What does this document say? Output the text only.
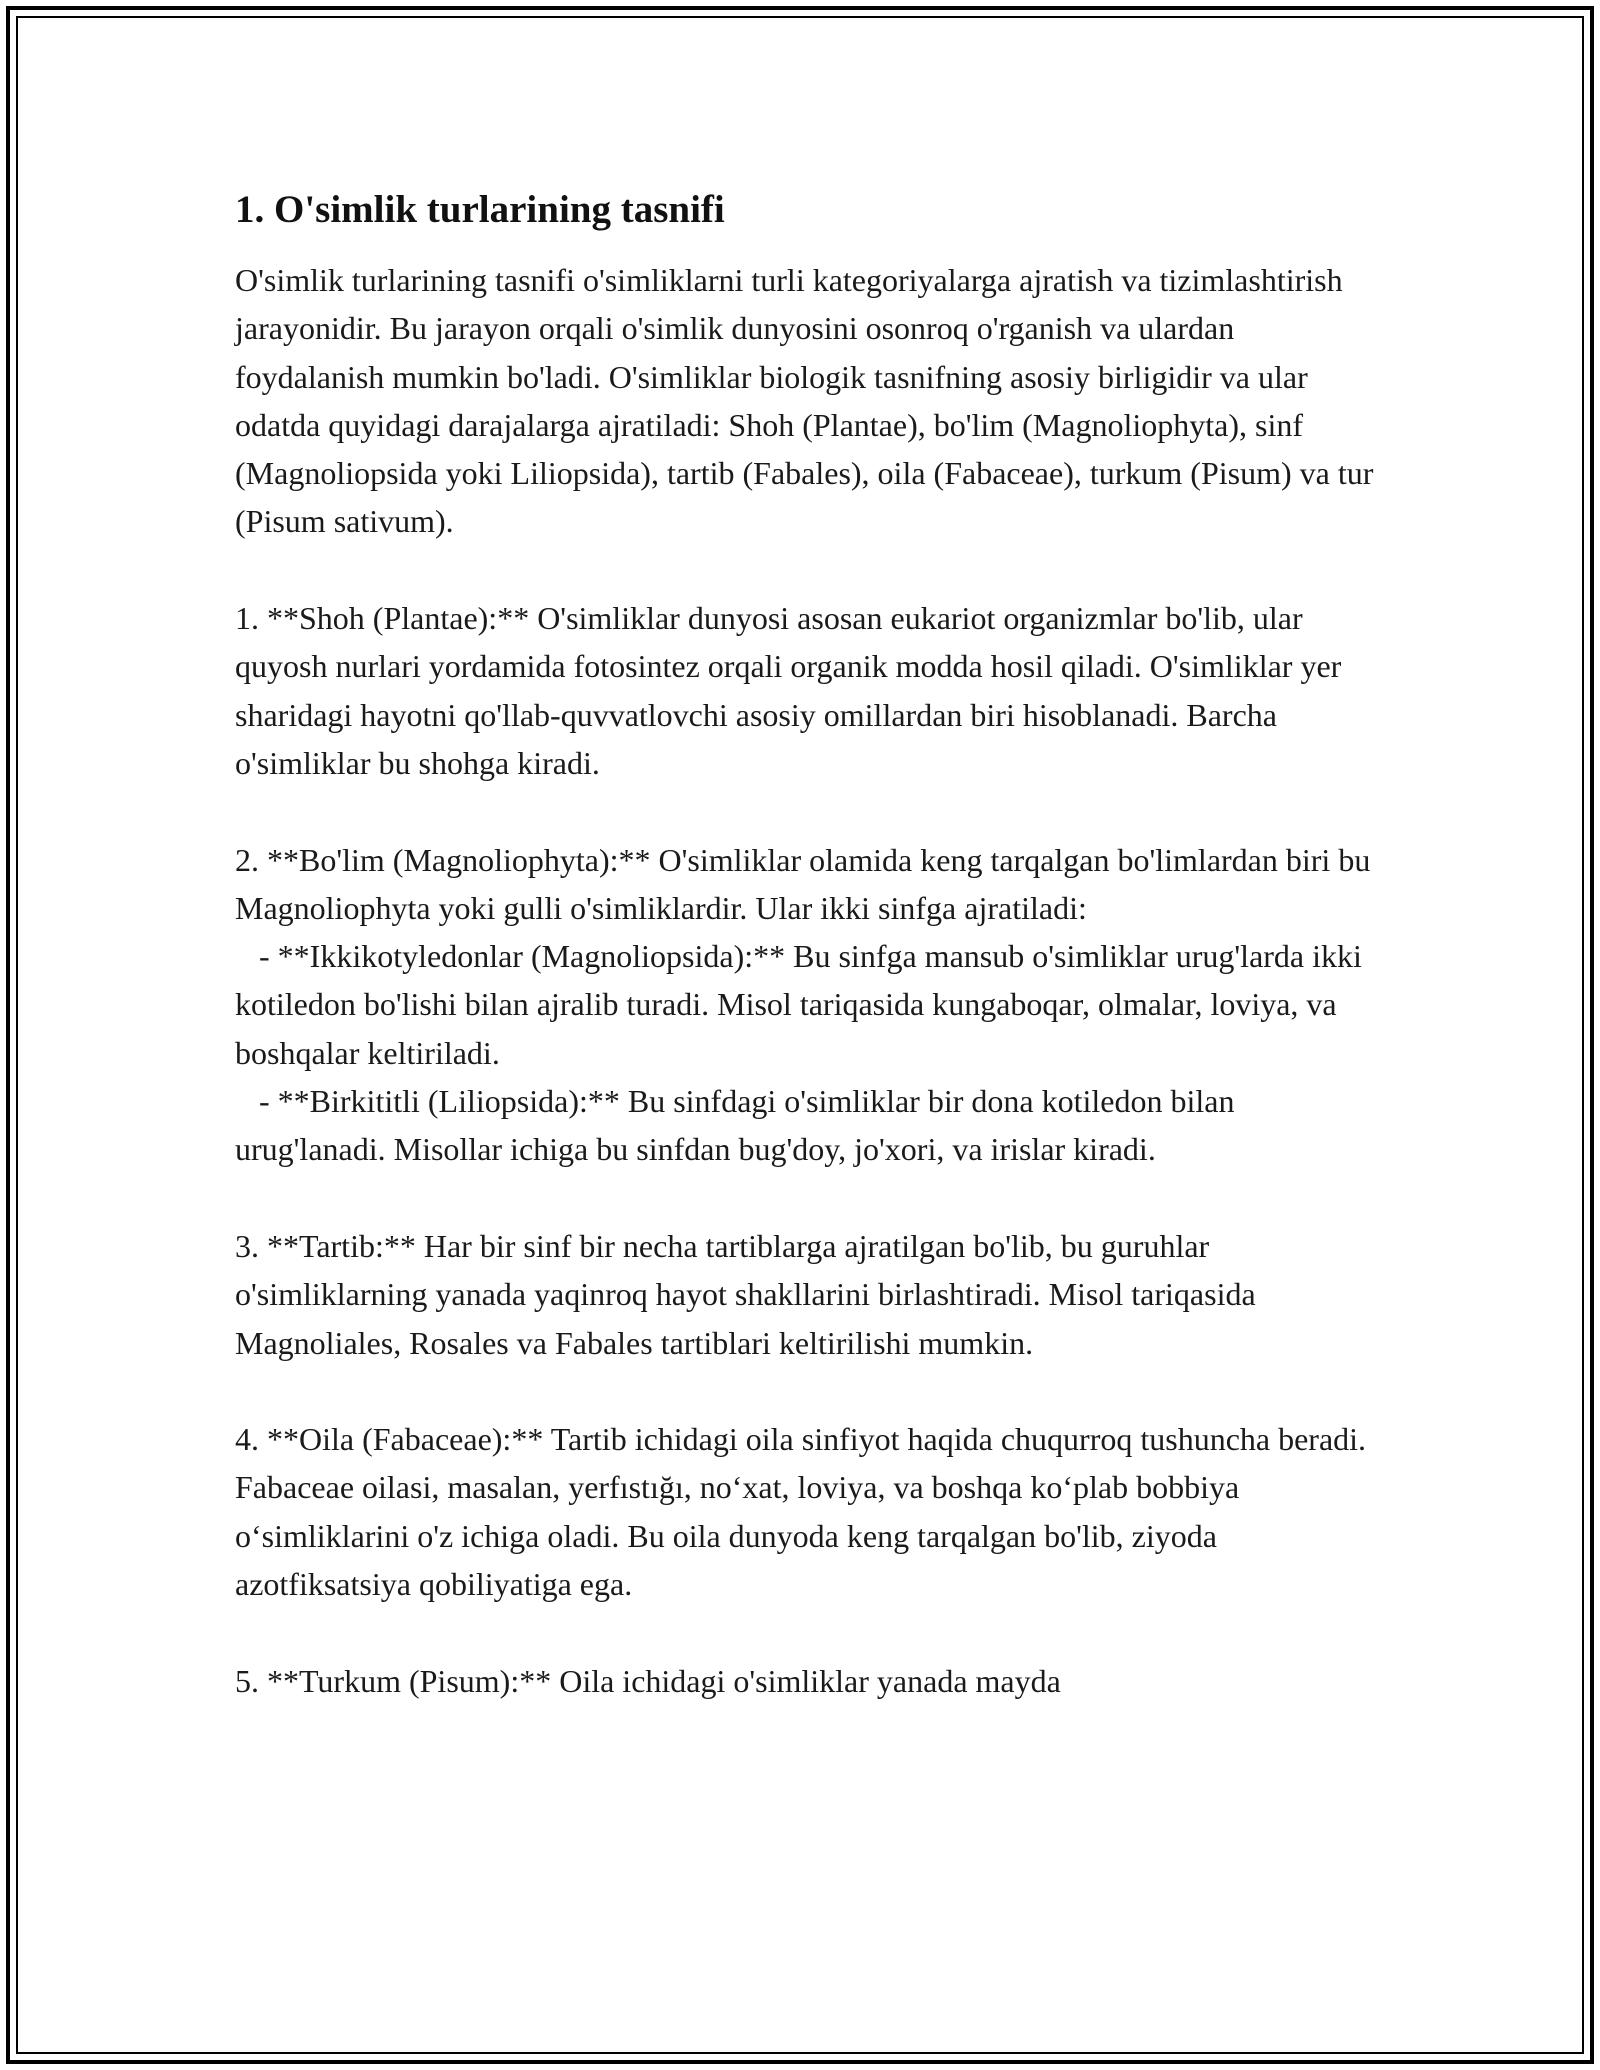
1. O'simlik turlarining tasnifi

O'simlik turlarining tasnifi o'simliklarni turli kategoriyalarga ajratish va tizimlashtirish jarayonidir. Bu jarayon orqali o'simlik dunyosini osonroq o'rganish va ulardan foydalanish mumkin bo'ladi. O'simliklar biologik tasnifning asosiy birligidir va ular odatda quyidagi darajalarga ajratiladi: Shoh (Plantae), bo'lim (Magnoliophyta), sinf (Magnoliopsida yoki Liliopsida), tartib (Fabales), oila (Fabaceae), turkum (Pisum) va tur (Pisum sativum).

1. **Shoh (Plantae):** O'simliklar dunyosi asosan eukariot organizmlar bo'lib, ular quyosh nurlari yordamida fotosintez orqali organik modda hosil qiladi. O'simliklar yer sharidagi hayotni qo'llab-quvvatlovchi asosiy omillardan biri hisoblanadi. Barcha o'simliklar bu shohga kiradi.

2. **Bo'lim (Magnoliophyta):** O'simliklar olamida keng tarqalgan bo'limlardan biri bu Magnoliophyta yoki gulli o'simliklardir. Ular ikki sinfga ajratiladi:
- **Ikkikotyledonlar (Magnoliopsida):** Bu sinfga mansub o'simliklar urug'larda ikki kotiledon bo'lishi bilan ajralib turadi. Misol tariqasida kungaboqar, olmalar, loviya, va boshqalar keltiriladi.
- **Birkititli (Liliopsida):** Bu sinfdagi o'simliklar bir dona kotiledon bilan urug'lanadi. Misollar ichiga bu sinfdan bug'doy, jo'xori, va irislar kiradi.

3. **Tartib:** Har bir sinf bir necha tartiblarga ajratilgan bo'lib, bu guruhlar o'simliklarning yanada yaqinroq hayot shakllarini birlashtiradi. Misol tariqasida Magnoliales, Rosales va Fabales tartiblari keltirilishi mumkin.

4. **Oila (Fabaceae):** Tartib ichidagi oila sinfiyot haqida chuqurroq tushuncha beradi. Fabaceae oilasi, masalan, yerfıstığı, no‘xat, loviya, va boshqa ko‘plab bobbiya o‘simliklarini o'z ichiga oladi. Bu oila dunyoda keng tarqalgan bo'lib, ziyoda azotfiksatsiya qobiliyatiga ega.

5. **Turkum (Pisum):** Oila ichidagi o'simliklar yanada mayda
